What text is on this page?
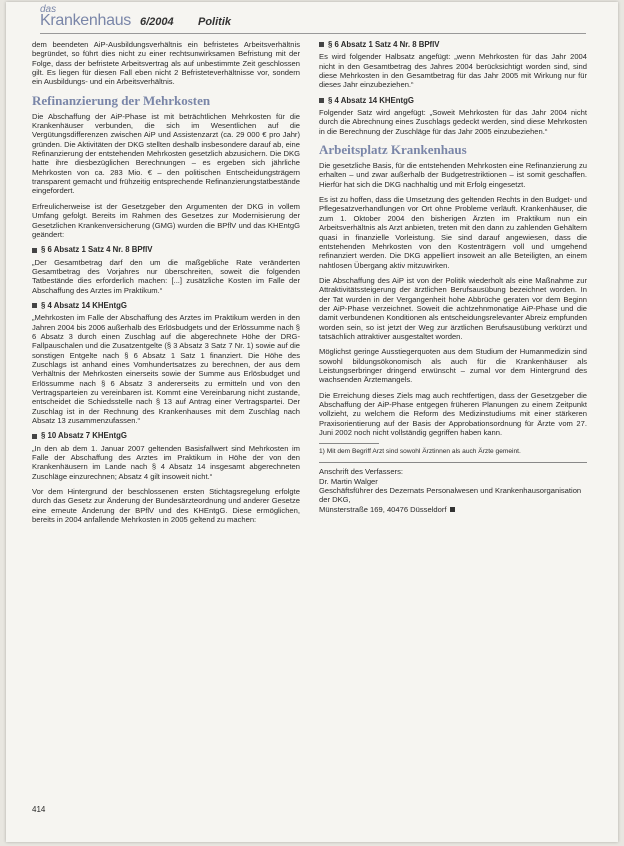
das
Krankenhaus 6/2004 Politik

dem beendeten AiP-Ausbildungsverhältnis ein befristetes Arbeitsverhältnis begründet, so führt dies nicht zu einer rechtsunwirksamen Befristung mit der Folge, dass der befristete Arbeitsvertrag als auf unbestimmte Zeit geschlossen gilt. Es liegen für diesen Fall eben nicht 2 Befristeteverhältnisse vor, sondern ein Ausbildungs- und ein Arbeitsverhältnis.

Refinanzierung der Mehrkosten

Die Abschaffung der AiP-Phase ist mit beträchtlichen Mehrkosten für die Krankenhäuser verbunden, die sich im Wesentlichen auf die Vergütungsdifferenzen zwischen AiP und Assistenzarzt (ca. 29 000 € pro Jahr) gründen. Die Aktivitäten der DKG stellten deshalb insbesondere darauf ab, eine Refinanzierung der entstehenden Mehrkosten gesetzlich abzusichern. Die DKG hatte ihre diesbezüglichen Berechnungen – es ergeben sich jährliche Mehrkosten von ca. 283 Mio. € – den politischen Entscheidungsträgern transparent gemacht und frühzeitig entsprechende Refinanzierungstatbestände eingefordert.

Erfreulicherweise ist der Gesetzgeber den Argumenten der DKG in vollem Umfang gefolgt. Bereits im Rahmen des Gesetzes zur Modernisierung der Gesetzlichen Krankenversicherung (GMG) wurden die BPflV und das KHEntgG geändert:

§ 6 Absatz 1 Satz 4 Nr. 8 BPflV

„Der Gesamtbetrag darf den um die maßgebliche Rate veränderten Gesamtbetrag des Vorjahres nur überschreiten, soweit die folgenden Tatbestände dies erforderlich machen: [...] zusätzliche Kosten im Falle der Abschaffung des Arztes im Praktikum.“

§ 4 Absatz 14 KHEntgG

„Mehrkosten im Falle der Abschaffung des Arztes im Praktikum werden in den Jahren 2004 bis 2006 außerhalb des Erlösbudgets und der Erlössumme nach § 6 Absatz 3 durch einen Zuschlag auf die abgerechnete Höhe der DRG-Fallpauschalen und die Zusatzentgelte (§ 3 Absatz 3 Satz 7 Nr. 1) sowie auf die sonstigen Entgelte nach § 6 Absatz 1 Satz 1 finanziert. Die Höhe des Zuschlags ist anhand eines Vomhundertsatzes zu berechnen, der aus dem Verhältnis der Mehrkosten einerseits sowie der Summe aus Erlösbudget und Erlössumme nach § 6 Absatz 3 andererseits zu ermitteln und von den Vertragsparteien zu vereinbaren ist. Kommt eine Vereinbarung nicht zustande, entscheidet die Schiedsstelle nach § 13 auf Antrag einer Vertragspartei. Der Zuschlag ist in der Rechnung des Krankenhauses mit dem Zuschlag nach Absatz 13 zusammenzufassen.“

§ 10 Absatz 7 KHEntgG

„In den ab dem 1. Januar 2007 geltenden Basisfallwert sind Mehrkosten im Falle der Abschaffung des Arztes im Praktikum in Höhe der von den Krankenhäusern im Lande nach § 4 Absatz 14 insgesamt abgerechneten Zuschläge einzurechnen; Absatz 4 gilt insoweit nicht.“

Vor dem Hintergrund der beschlossenen ersten Stichtagsregelung erfolgte durch das Gesetz zur Änderung der Bundesärzteordnung und anderer Gesetze eine erneute Änderung der BPflV und des KHEntgG. Diese ermöglichen, bereits in 2004 anfallende Mehrkosten in 2005 geltend zu machen:

§ 6 Absatz 1 Satz 4 Nr. 8 BPflV

Es wird folgender Halbsatz angefügt: „wenn Mehrkosten für das Jahr 2004 nicht in den Gesamtbetrag des Jahres 2004 berücksichtigt worden sind, sind diese Mehrkosten in den Gesamtbetrag für das Jahr 2005 mit Wirkung nur für dieses Jahr einzubeziehen.“

§ 4 Absatz 14 KHEntgG

Folgender Satz wird angefügt: „Soweit Mehrkosten für das Jahr 2004 nicht durch die Abrechnung eines Zuschlags gedeckt werden, sind diese Mehrkosten in die Berechnung der Zuschläge für das Jahr 2005 einzubeziehen.“

Arbeitsplatz Krankenhaus

Die gesetzliche Basis, für die entstehenden Mehrkosten eine Refinanzierung zu erhalten – und zwar außerhalb der Budgetrestriktionen – ist somit geschaffen. Hierfür hat sich die DKG nachhaltig und mit Erfolg eingesetzt.

Es ist zu hoffen, dass die Umsetzung des geltenden Rechts in den Budget- und Pflegesatzverhandlungen vor Ort ohne Probleme verläuft. Krankenhäuser, die zum 1. Oktober 2004 den bisherigen Ärzten im Praktikum nun ein Arbeitsverhältnis als Arzt anbieten, treten mit den dann zu zahlenden Gehältern quasi in finanzielle Vorleistung. Sie sind darauf angewiesen, dass die entstehenden Mehrkosten von den Kostenträgern voll und umgehend refinanziert werden. Die DKG appelliert insoweit an alle Beteiligten, an einem nahtlosen Übergang aktiv mitzuwirken.

Die Abschaffung des AiP ist von der Politik wiederholt als eine Maßnahme zur Attraktivitätssteigerung der ärztlichen Berufsausübung bezeichnet worden. In der Tat wurden in der Vergangenheit hohe Abbrüche geraten vor dem Beginn der AiP-Phase verzeichnet. Soweit die achtzehnmonatige AiP-Phase und die damit verbundenen Konditionen als entscheidungsrelevanter Abreiz empfunden worden sein, so ist jetzt der Weg zur ärztlichen Berufsausübung verkürzt und tatsächlich attraktiver ausgestaltet worden.

Möglichst geringe Ausstiegerquoten aus dem Studium der Humanmedizin sind sowohl bildungsökonomisch als auch für die Krankenhäuser als Leistungserbringer dringend erwünscht – zumal vor dem Hintergrund des wachsenden Ärztemangels.

Die Erreichung dieses Ziels mag auch rechtfertigen, dass der Gesetzgeber die Abschaffung der AiP-Phase entgegen früheren Planungen zu einem Zeitpunkt vollzieht, zu welchem die Reform des Medizinstudiums mit einer stärkeren Praxisorientierung auf der Basis der Approbationsordnung für Ärzte vom 27. Juni 2002 noch nicht vollständig gegriffen haben kann.

1) Mit dem Begriff Arzt sind sowohl Ärztinnen als auch Ärzte gemeint.

Anschrift des Verfassers:

Dr. Martin Walger

Geschäftsführer des Dezernats Personalwesen und Krankenhausorganisation der DKG,

Münsterstraße 169, 40476 Düsseldorf

414
